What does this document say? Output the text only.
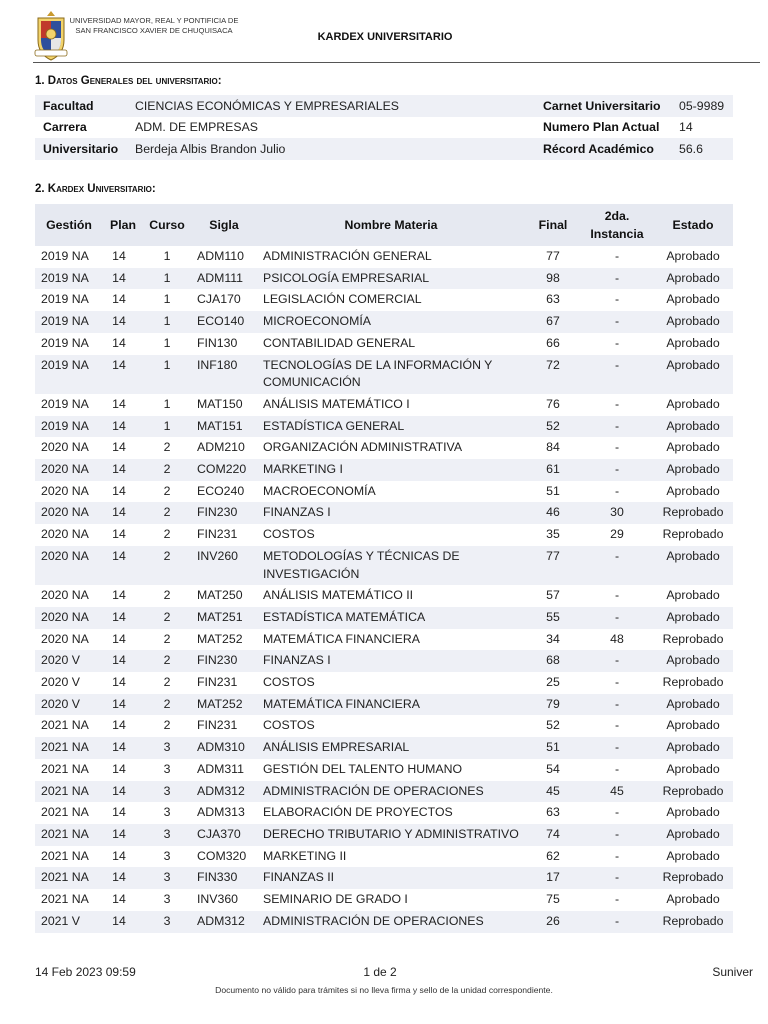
UNIVERSIDAD MAYOR, REAL Y PONTIFICIA DE
SAN FRANCISCO XAVIER DE CHUQUISACA
KARDEX UNIVERSITARIO
1. Datos Generales del universitario:
Facultad	CIENCIAS ECONÓMICAS Y EMPRESARIALES	Carnet Universitario	05-9989
Carrera	ADM. DE EMPRESAS	Numero Plan Actual	14
Universitario	Berdeja Albis Brandon Julio	Récord Académico	56.6
2. Kardex Universitario:
Gestión	Plan	Curso	Sigla	Nombre Materia	Final	2da. Instancia	Estado
2019 NA	14	1	ADM110	ADMINISTRACIÓN GENERAL	77	-	Aprobado
2019 NA	14	1	ADM111	PSICOLOGÍA EMPRESARIAL	98	-	Aprobado
2019 NA	14	1	CJA170	LEGISLACIÓN COMERCIAL	63	-	Aprobado
2019 NA	14	1	ECO140	MICROECONOMÍA	67	-	Aprobado
2019 NA	14	1	FIN130	CONTABILIDAD GENERAL	66	-	Aprobado
2019 NA	14	1	INF180	TECNOLOGÍAS DE LA INFORMACIÓN Y COMUNICACIÓN	72	-	Aprobado
2019 NA	14	1	MAT150	ANÁLISIS MATEMÁTICO I	76	-	Aprobado
2019 NA	14	1	MAT151	ESTADÍSTICA GENERAL	52	-	Aprobado
2020 NA	14	2	ADM210	ORGANIZACIÓN ADMINISTRATIVA	84	-	Aprobado
2020 NA	14	2	COM220	MARKETING I	61	-	Aprobado
2020 NA	14	2	ECO240	MACROECONOMÍA	51	-	Aprobado
2020 NA	14	2	FIN230	FINANZAS I	46	30	Reprobado
2020 NA	14	2	FIN231	COSTOS	35	29	Reprobado
2020 NA	14	2	INV260	METODOLOGÍAS Y TÉCNICAS DE INVESTIGACIÓN	77	-	Aprobado
2020 NA	14	2	MAT250	ANÁLISIS MATEMÁTICO II	57	-	Aprobado
2020 NA	14	2	MAT251	ESTADÍSTICA MATEMÁTICA	55	-	Aprobado
2020 NA	14	2	MAT252	MATEMÁTICA FINANCIERA	34	48	Reprobado
2020 V	14	2	FIN230	FINANZAS I	68	-	Aprobado
2020 V	14	2	FIN231	COSTOS	25	-	Reprobado
2020 V	14	2	MAT252	MATEMÁTICA FINANCIERA	79	-	Aprobado
2021 NA	14	2	FIN231	COSTOS	52	-	Aprobado
2021 NA	14	3	ADM310	ANÁLISIS EMPRESARIAL	51	-	Aprobado
2021 NA	14	3	ADM311	GESTIÓN DEL TALENTO HUMANO	54	-	Aprobado
2021 NA	14	3	ADM312	ADMINISTRACIÓN DE OPERACIONES	45	45	Reprobado
2021 NA	14	3	ADM313	ELABORACIÓN DE PROYECTOS	63	-	Aprobado
2021 NA	14	3	CJA370	DERECHO TRIBUTARIO Y ADMINISTRATIVO	74	-	Aprobado
2021 NA	14	3	COM320	MARKETING II	62	-	Aprobado
2021 NA	14	3	FIN330	FINANZAS II	17	-	Reprobado
2021 NA	14	3	INV360	SEMINARIO DE GRADO I	75	-	Aprobado
2021 V	14	3	ADM312	ADMINISTRACIÓN DE OPERACIONES	26	-	Reprobado
14 Feb 2023 09:59	1 de 2	Suniver
Documento no válido para trámites si no lleva firma y sello de la unidad correspondiente.
